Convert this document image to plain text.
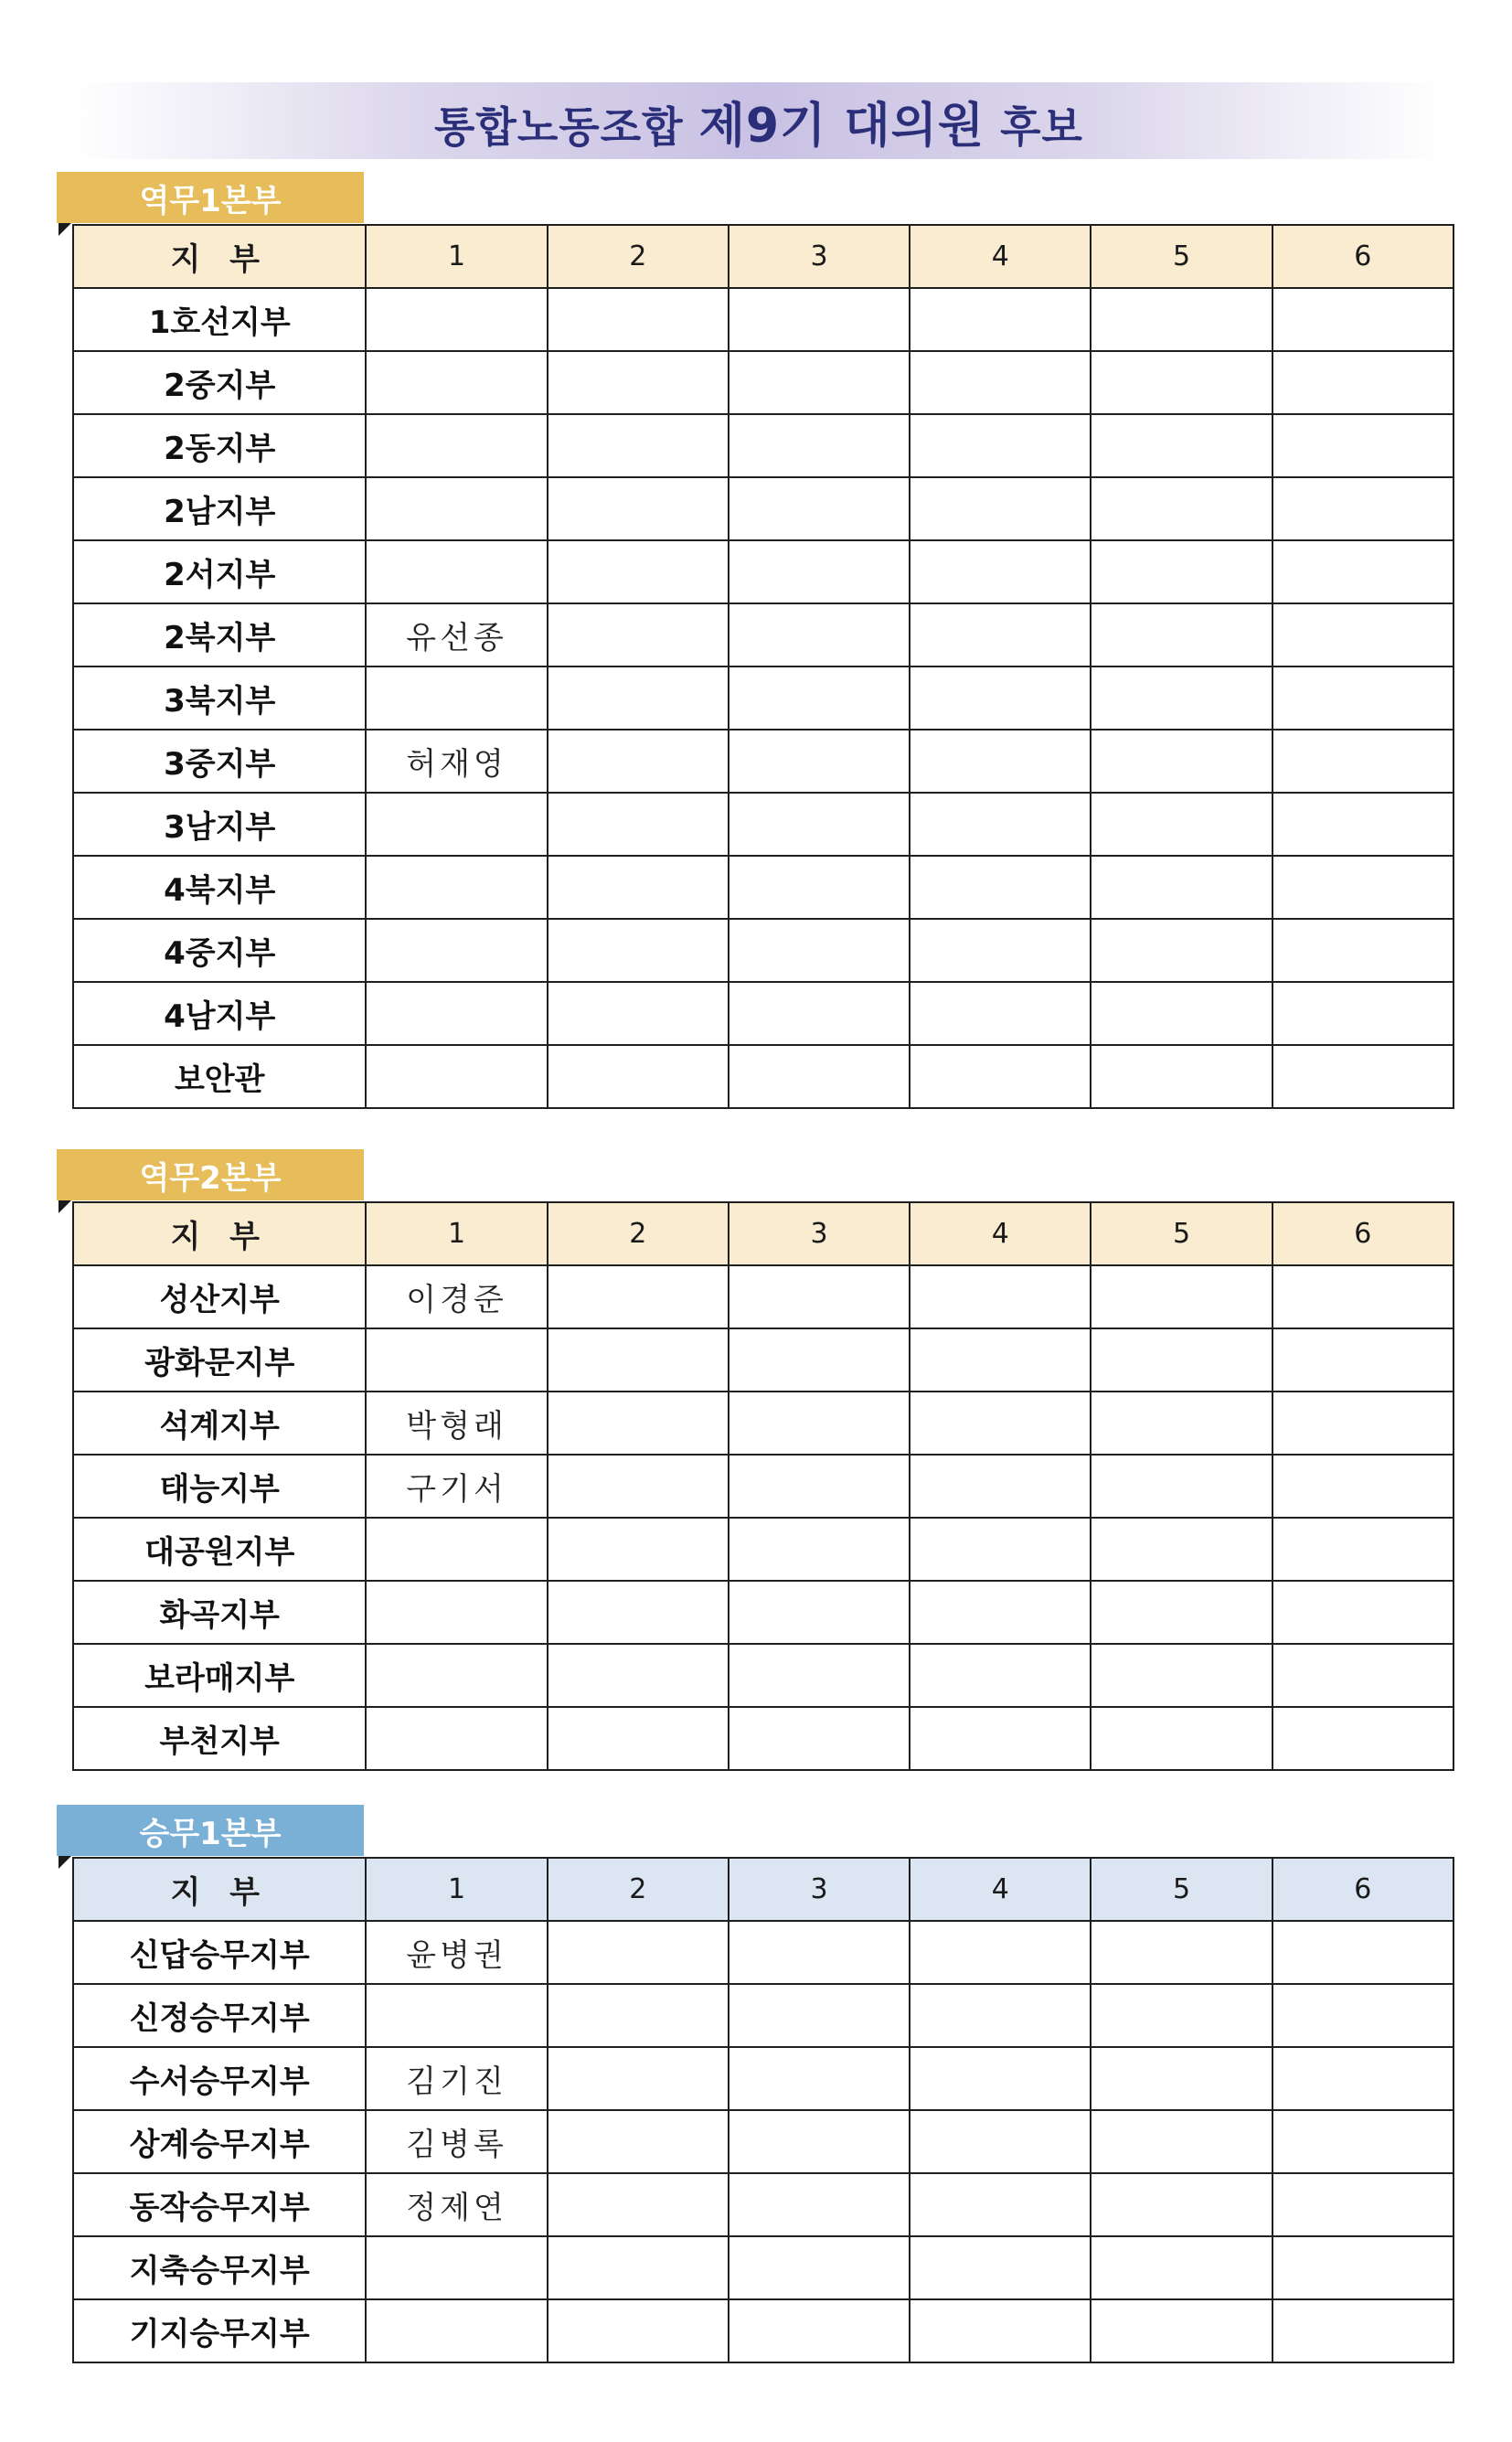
통합노동조합 제9기 대의원 후보
역무1본부
지 부	1	2	3	4	5	6
1호선지부						
2중지부						
2동지부						
2남지부						
2서지부						
2북지부	유선종					
3북지부						
3중지부	허재영					
3남지부						
4북지부						
4중지부						
4남지부						
보안관						
역무2본부
지 부	1	2	3	4	5	6
성산지부	이경준					
광화문지부						
석계지부	박형래					
태능지부	구기서					
대공원지부						
화곡지부						
보라매지부						
부천지부						
승무1본부
지 부	1	2	3	4	5	6
신답승무지부	윤병권					
신정승무지부						
수서승무지부	김기진					
상계승무지부	김병록					
동작승무지부	정제연					
지축승무지부						
기지승무지부						
